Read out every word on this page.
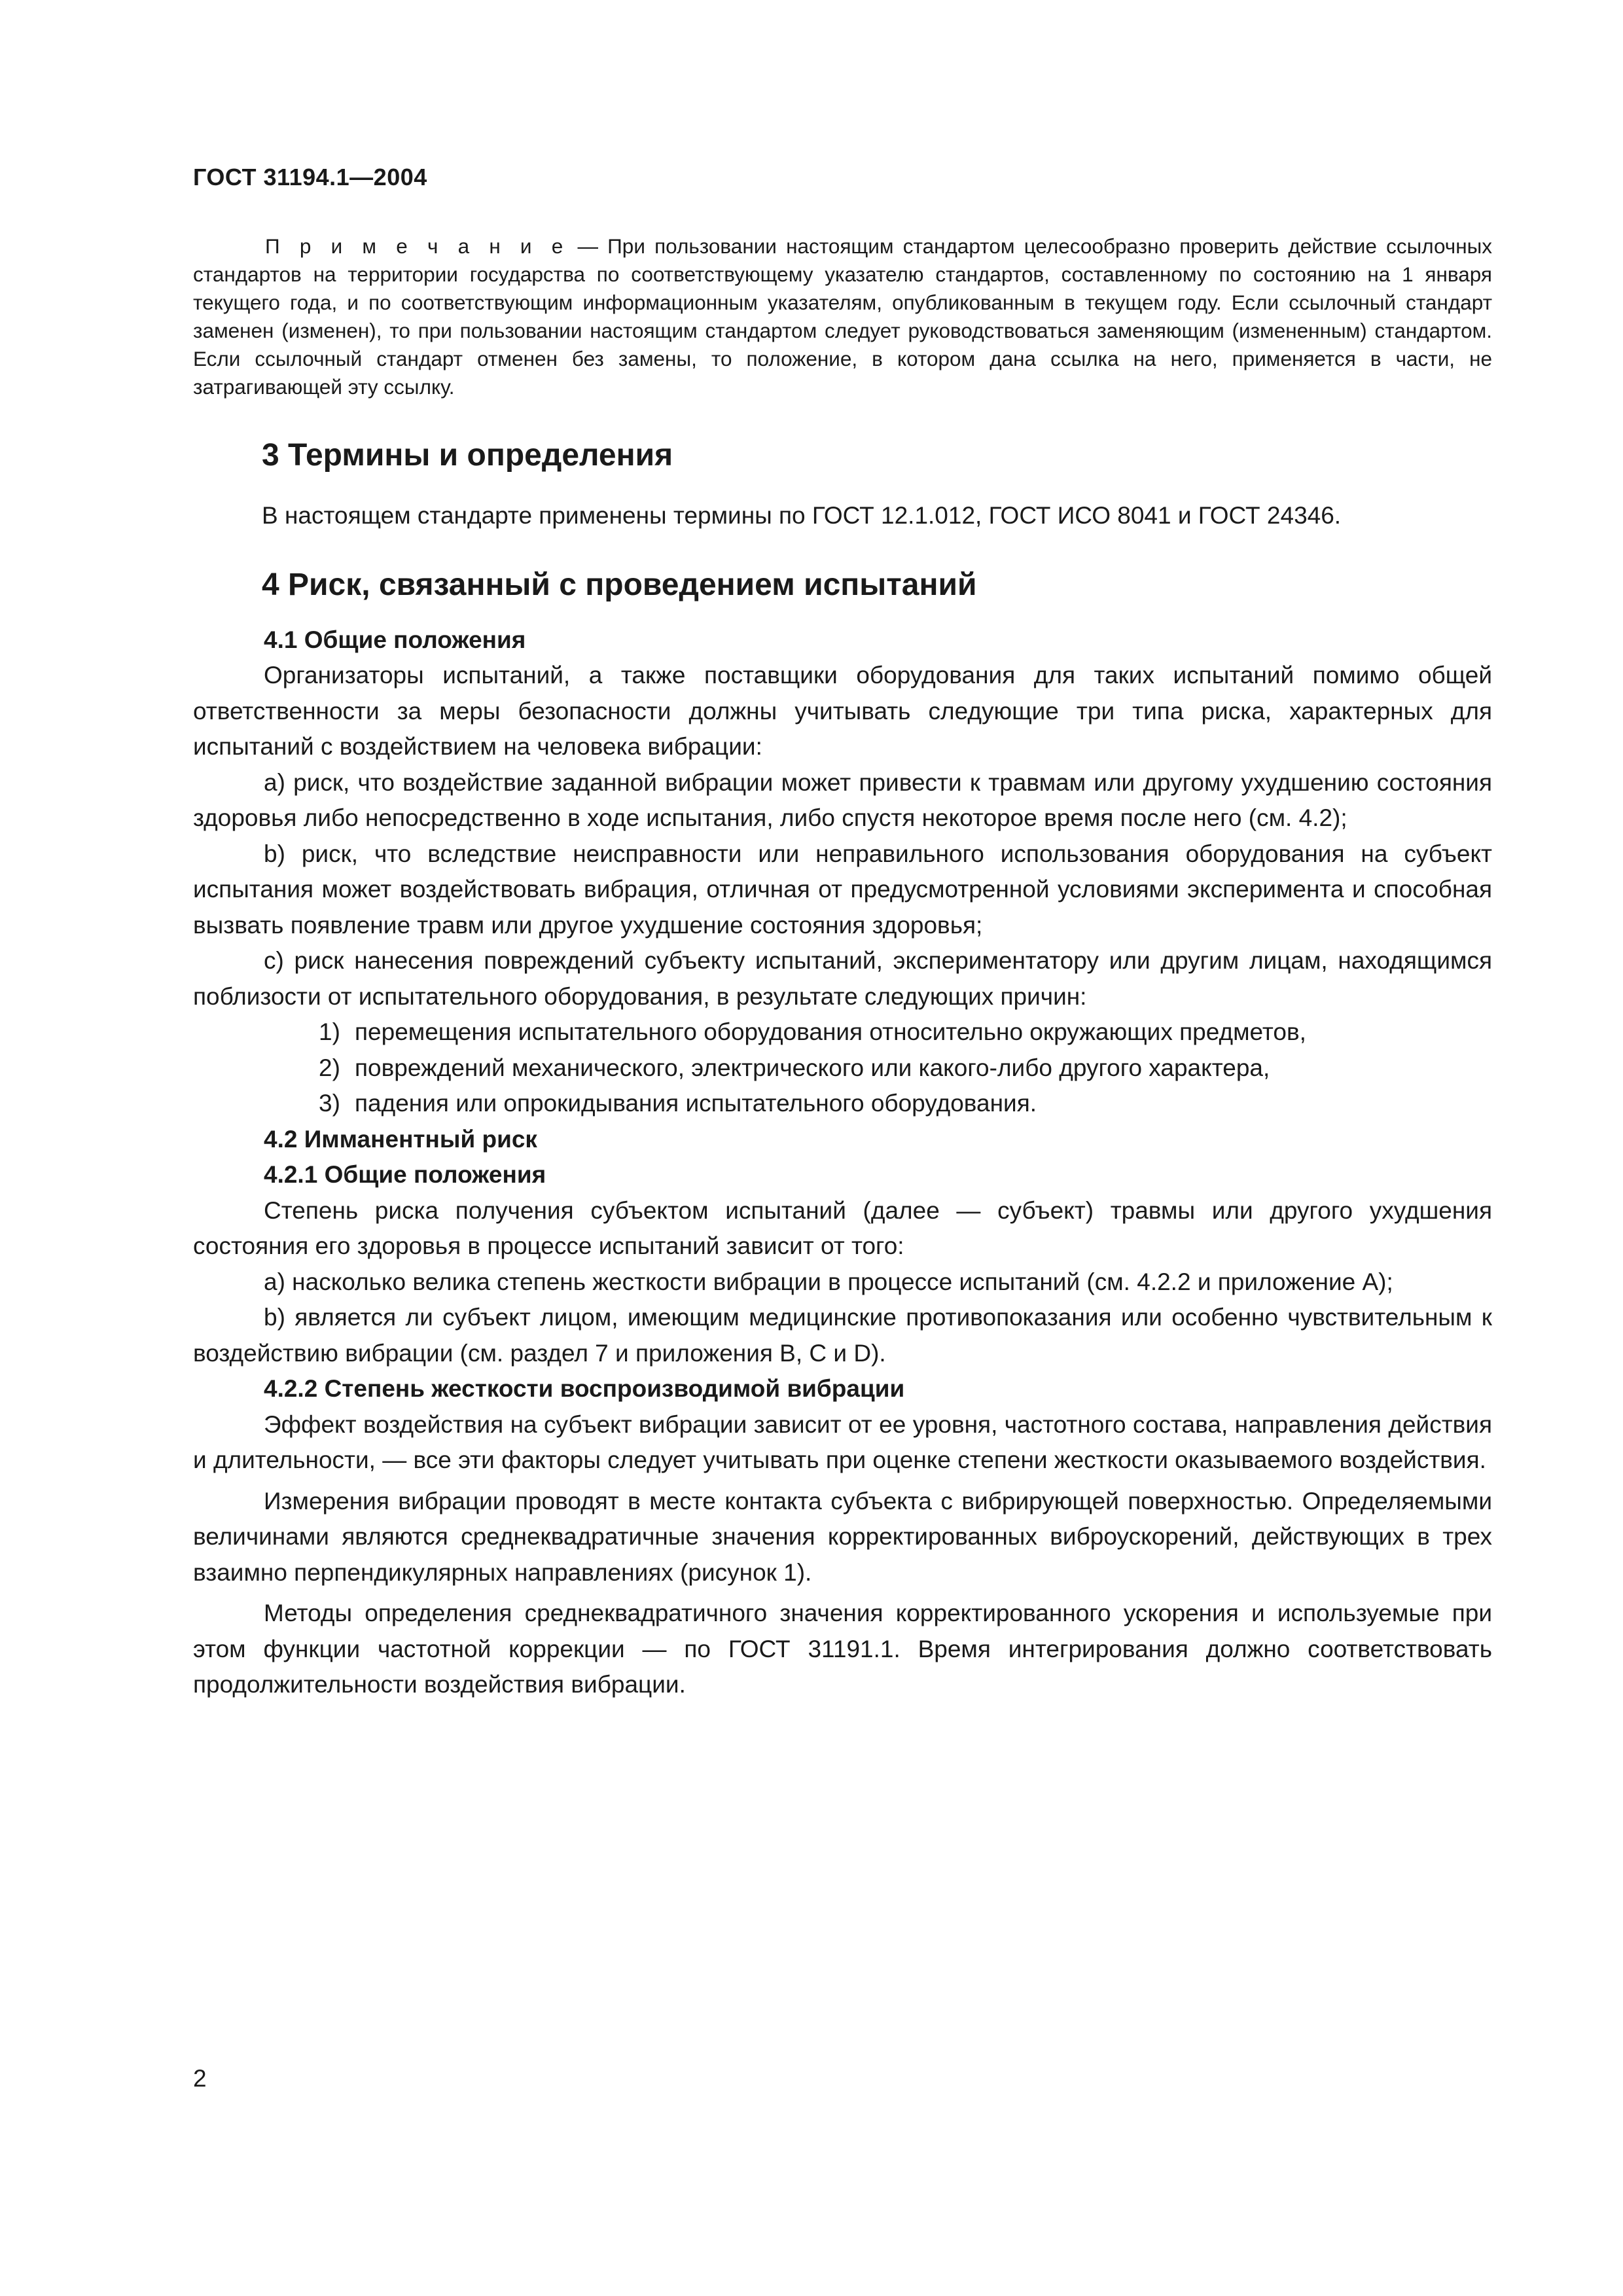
ГОСТ 31194.1—2004

П р и м е ч а н и е — При пользовании настоящим стандартом целесообразно проверить действие ссылочных стандартов на территории государства по соответствующему указателю стандартов, составленному по состоянию на 1 января текущего года, и по соответствующим информационным указателям, опубликованным в текущем году. Если ссылочный стандарт заменен (изменен), то при пользовании настоящим стандартом следует руководствоваться заменяющим (измененным) стандартом. Если ссылочный стандарт отменен без замены, то положение, в котором дана ссылка на него, применяется в части, не затрагивающей эту ссылку.

3 Термины и определения

В настоящем стандарте применены термины по ГОСТ 12.1.012, ГОСТ ИСО 8041 и ГОСТ 24346.

4 Риск, связанный с проведением испытаний

4.1 Общие положения

Организаторы испытаний, а также поставщики оборудования для таких испытаний помимо общей ответственности за меры безопасности должны учитывать следующие три типа риска, характерных для испытаний с воздействием на человека вибрации:

а) риск, что воздействие заданной вибрации может привести к травмам или другому ухудшению состояния здоровья либо непосредственно в ходе испытания, либо спустя некоторое время после него (см. 4.2);

b) риск, что вследствие неисправности или неправильного использования оборудования на субъект испытания может воздействовать вибрация, отличная от предусмотренной условиями эксперимента и способная вызвать появление травм или другое ухудшение состояния здоровья;

с) риск нанесения повреждений субъекту испытаний, экспериментатору или другим лицам, находящимся поблизости от испытательного оборудования, в результате следующих причин:

1) перемещения испытательного оборудования относительно окружающих предметов,

2) повреждений механического, электрического или какого-либо другого характера,

3) падения или опрокидывания испытательного оборудования.

4.2 Имманентный риск

4.2.1 Общие положения

Степень риска получения субъектом испытаний (далее — субъект) травмы или другого ухудшения состояния его здоровья в процессе испытаний зависит от того:

а) насколько велика степень жесткости вибрации в процессе испытаний (см. 4.2.2 и приложение А);

b) является ли субъект лицом, имеющим медицинские противопоказания или особенно чувствительным к воздействию вибрации (см. раздел 7 и приложения В, С и D).

4.2.2 Степень жесткости воспроизводимой вибрации

Эффект воздействия на субъект вибрации зависит от ее уровня, частотного состава, направления действия и длительности, — все эти факторы следует учитывать при оценке степени жесткости оказываемого воздействия.

Измерения вибрации проводят в месте контакта субъекта с вибрирующей поверхностью. Определяемыми величинами являются среднеквадратичные значения корректированных виброускорений, действующих в трех взаимно перпендикулярных направлениях (рисунок 1).

Методы определения среднеквадратичного значения корректированного ускорения и используемые при этом функции частотной коррекции — по ГОСТ 31191.1. Время интегрирования должно соответствовать продолжительности воздействия вибрации.

2
